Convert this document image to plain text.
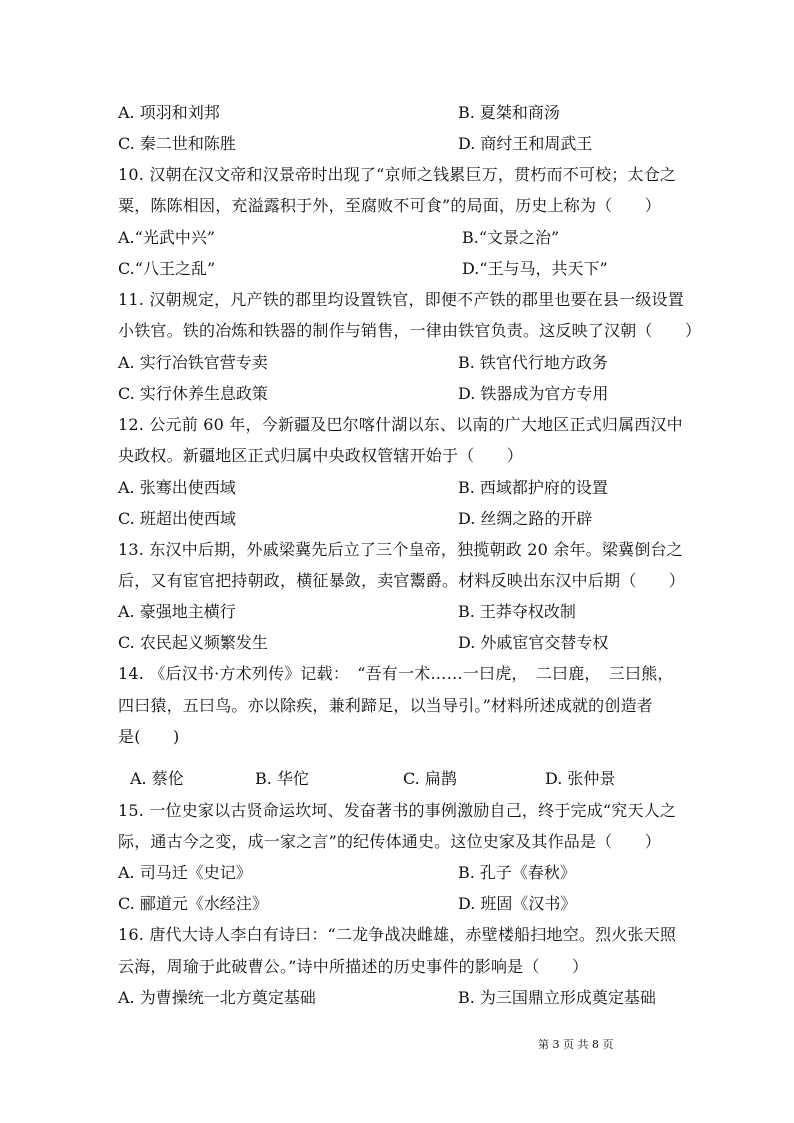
A. 项羽和刘邦	B. 夏桀和商汤
C. 秦二世和陈胜	D. 商纣王和周武王
10. 汉朝在汉文帝和汉景帝时出现了“京师之钱累巨万，贯朽而不可校；太仓之
粟，陈陈相因，充溢露积于外，至腐败不可食”的局面，历史上称为（　　）
A.“光武中兴”	B.“文景之治”
C.“八王之乱”	D.“王与马，共天下”
11. 汉朝规定，凡产铁的郡里均设置铁官，即便不产铁的郡里也要在县一级设置
小铁官。铁的冶炼和铁器的制作与销售，一律由铁官负责。这反映了汉朝（　　）
A. 实行冶铁官营专卖	B. 铁官代行地方政务
C. 实行休养生息政策	D. 铁器成为官方专用
12. 公元前 60 年，今新疆及巴尔喀什湖以东、以南的广大地区正式归属西汉中
央政权。新疆地区正式归属中央政权管辖开始于（　　）
A. 张骞出使西域	B. 西域都护府的设置
C. 班超出使西域	D. 丝绸之路的开辟
13. 东汉中后期，外戚梁冀先后立了三个皇帝，独揽朝政 20 余年。梁冀倒台之
后，又有宦官把持朝政，横征暴敛，卖官鬻爵。材料反映出东汉中后期（　　）
A. 豪强地主横行	B. 王莽夺权改制
C. 农民起义频繁发生	D. 外戚宦官交替专权
14. 《后汉书·方术列传》记载：　“吾有一术……一曰虎，　二曰鹿，　三曰熊，
四曰猿，五曰鸟。亦以除疾，兼利蹄足，以当导引。”材料所述成就的创造者
是(　　)
A. 蔡伦	B. 华佗	C. 扁鹊	D. 张仲景
15. 一位史家以古贤命运坎坷、发奋著书的事例激励自己，终于完成“究天人之
际，通古今之变，成一家之言”的纪传体通史。这位史家及其作品是（　　）
A. 司马迁《史记》	B. 孔子《春秋》
C. 郦道元《水经注》	D. 班固《汉书》
16. 唐代大诗人李白有诗曰：“二龙争战决雌雄，赤壁楼船扫地空。烈火张天照
云海，周瑜于此破曹公。”诗中所描述的历史事件的影响是（　　）
A. 为曹操统一北方奠定基础	B. 为三国鼎立形成奠定基础
第 3 页 共 8 页
